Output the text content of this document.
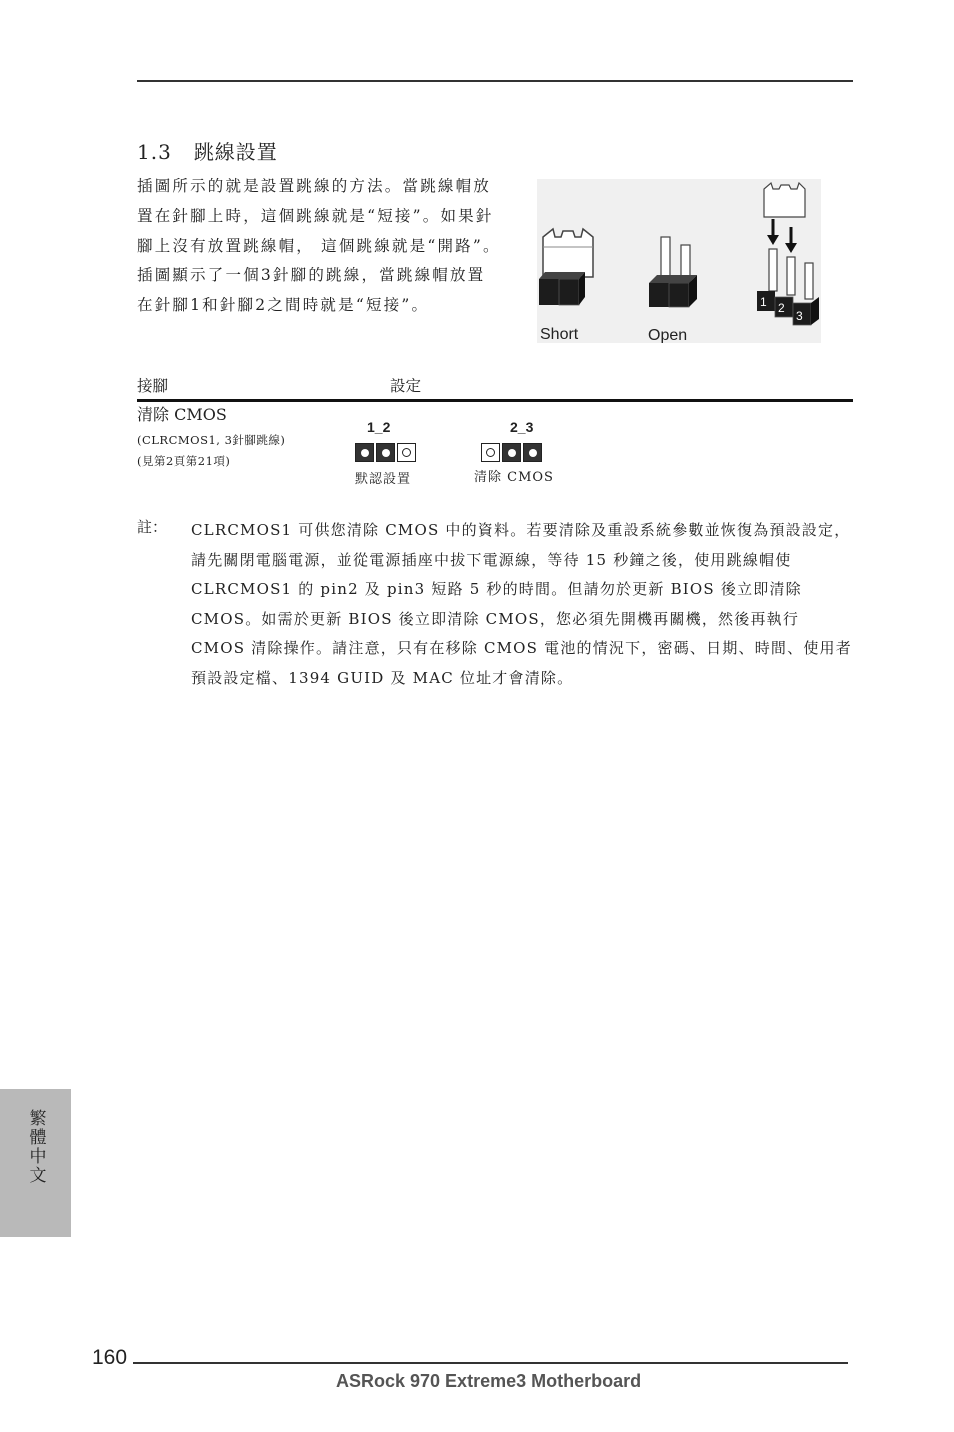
1.3 跳線設置
插圖所示的就是設置跳線的方法。當跳線帽放置在針腳上時，這個跳線就是“短接”。如果針腳上沒有放置跳線帽， 這個跳線就是“開路”。插圖顯示了一個3針腳的跳線，當跳線帽放置在針腳1和針腳2之間時就是“短接”。
Short	Open
1 2
3
接腳	設定
清除 CMOS
(CLRCMOS1, 3針腳跳線)
(見第2頁第21項)
1_2
默認設置
2_3
清除 CMOS
註： CLRCMOS1 可供您清除 CMOS 中的資料。若要清除及重設系統參數並恢復為預設設定，請先關閉電腦電源，並從電源插座中拔下電源線，等待 15 秒鐘之後，使用跳線帽使 CLRCMOS1 的 pin2 及 pin3 短路 5 秒的時間。但請勿於更新 BIOS 後立即清除 CMOS。如需於更新 BIOS 後立即清除 CMOS，您必須先開機再關機，然後再執行 CMOS 清除操作。請注意，只有在移除 CMOS 電池的情況下，密碼、日期、時間、使用者預設設定檔、1394 GUID 及 MAC 位址才會清除。
繁體中文
160
ASRock 970 Extreme3 Motherboard
